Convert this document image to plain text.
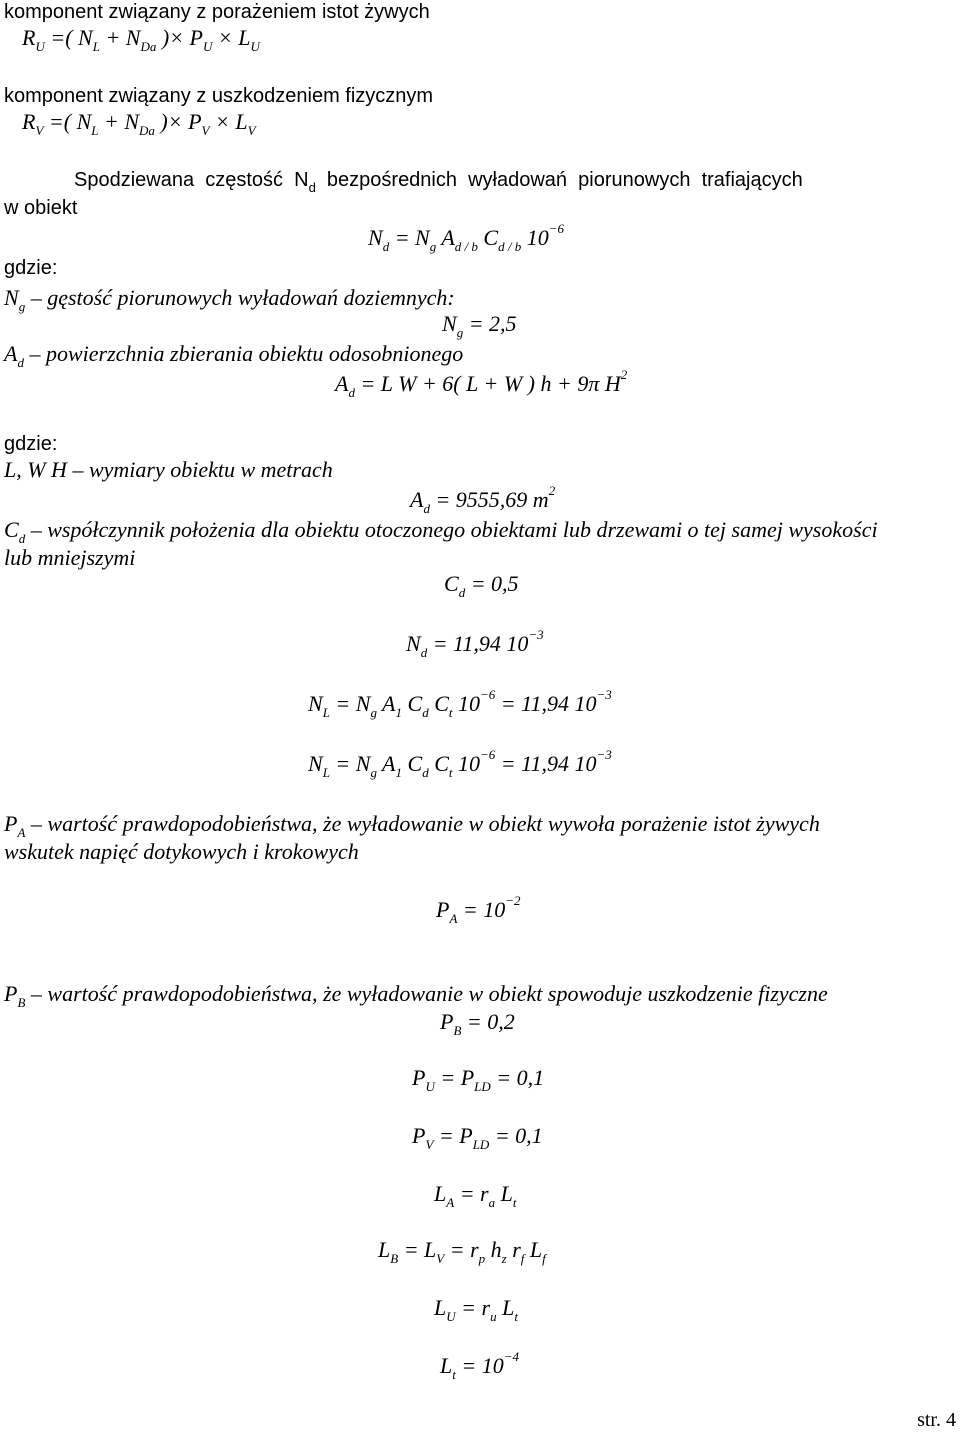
str. 4
komponent związany z porażeniem istot żywych
$R_U$ =( $N_L + N_{Da}$ )× $P_U \times L_U$
komponent związany z uszkodzeniem fizycznym
$R_V$ =( $N_L + N_{Da}$ )× $P_V \times L_V$
Spodziewana  częstość  $N_d$  bezpośrednich  wyładowań  piorunowych  trafiających
w obiekt
$N_d = N_g$ $A_{d / b}$ $C_{d / b}$ $10^{-6}$
gdzie:
$N_g$ – gęstość piorunowych wyładowań doziemnych:
$N_g = 2,5$
$A_d$ – powierzchnia zbierania obiektu odosobnionego
$A_d = L$ W + 6( L + W ) h + 9π $H^2$
gdzie:
L, W H – wymiary obiektu w metrach
$A_d = 9555,69$ $m^2$
$C_d$ – współczynnik położenia dla obiektu otoczonego obiektami lub drzewami o tej samej wysokości
lub mniejszymi
$C_d = 0,5$
$N_d = 11,94$ $10^{-3}$
$N_L = N_g$ $A_1$ $C_d$ $C_t$ $10^{-6} = 11,94$ $10^{-3}$
$N_L = N_g$ $A_1$ $C_d$ $C_t$ $10^{-6} = 11,94$ $10^{-3}$
$P_A$ – wartość prawdopodobieństwa, że wyładowanie w obiekt wywoła porażenie istot żywych
wskutek napięć dotykowych i krokowych
$P_A = 10^{-2}$
$P_B$ – wartość prawdopodobieństwa, że wyładowanie w obiekt spowoduje uszkodzenie fizyczne
$P_B = 0,2$
$P_U = P_{LD} = 0,1$
$P_V = P_{LD} = 0,1$
$L_A = r_a$ $L_t$
$L_B = L_V = r_p$ $h_z$ $r_f$ $L_f$
$L_U = r_u$ $L_t$
$L_t = 10^{-4}$
